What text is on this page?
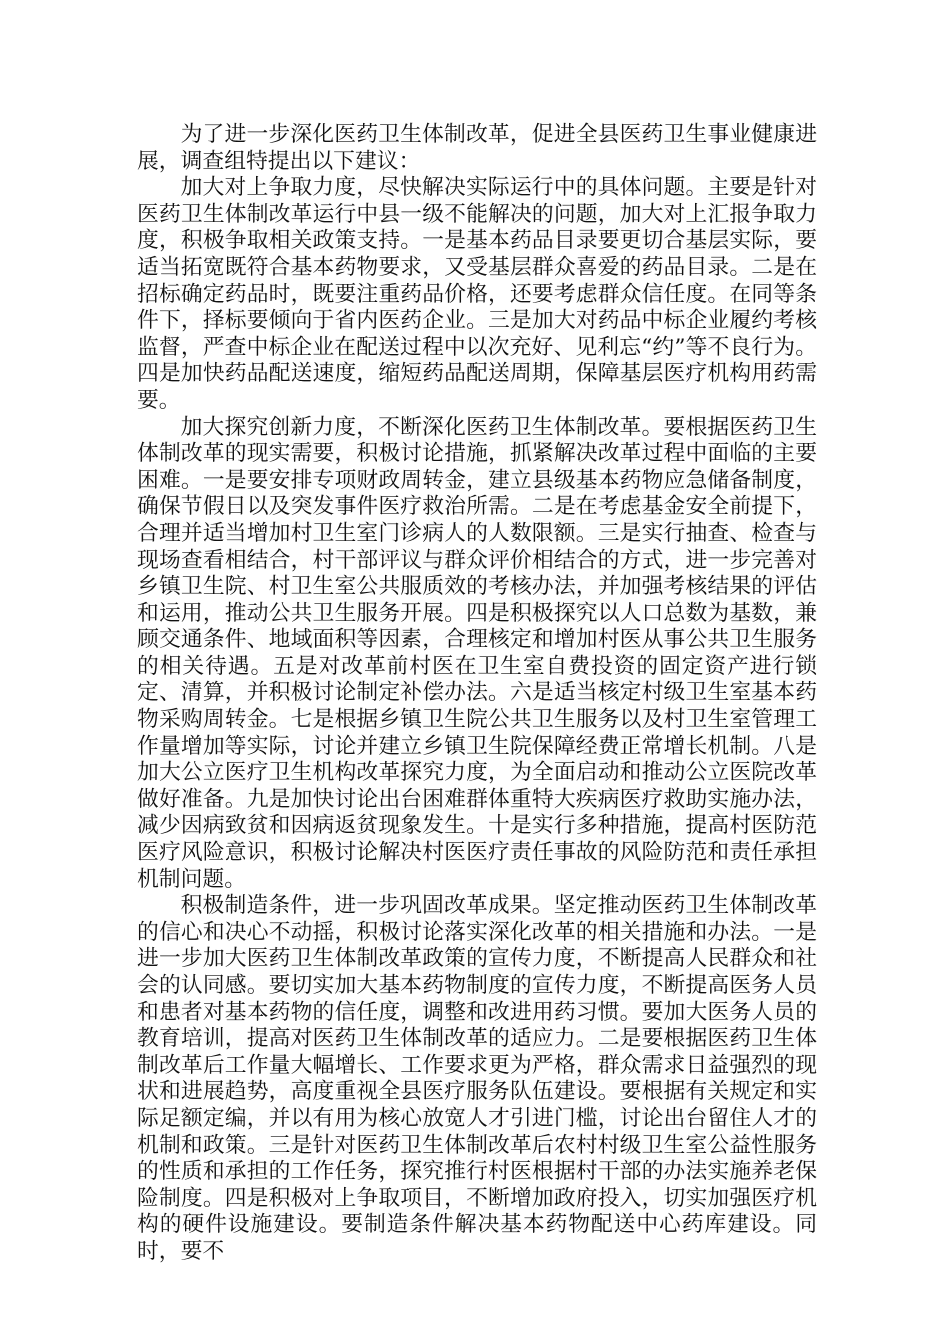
为了进一步深化医药卫生体制改革，促进全县医药卫生事业健康进展，调查组特提出以下建议：

加大对上争取力度，尽快解决实际运行中的具体问题。主要是针对医药卫生体制改革运行中县一级不能解决的问题，加大对上汇报争取力度，积极争取相关政策支持。一是基本药品目录要更切合基层实际，要适当拓宽既符合基本药物要求，又受基层群众喜爱的药品目录。二是在招标确定药品时，既要注重药品价格，还要考虑群众信任度。在同等条件下，择标要倾向于省内医药企业。三是加大对药品中标企业履约考核监督，严查中标企业在配送过程中以次充好、见利忘“约”等不良行为。四是加快药品配送速度，缩短药品配送周期，保障基层医疗机构用药需要。

加大探究创新力度，不断深化医药卫生体制改革。要根据医药卫生体制改革的现实需要，积极讨论措施，抓紧解决改革过程中面临的主要困难。一是要安排专项财政周转金，建立县级基本药物应急储备制度，确保节假日以及突发事件医疗救治所需。二是在考虑基金安全前提下，合理并适当增加村卫生室门诊病人的人数限额。三是实行抽查、检查与现场查看相结合，村干部评议与群众评价相结合的方式，进一步完善对乡镇卫生院、村卫生室公共服质效的考核办法，并加强考核结果的评估和运用，推动公共卫生服务开展。四是积极探究以人口总数为基数，兼顾交通条件、地域面积等因素，合理核定和增加村医从事公共卫生服务的相关待遇。五是对改革前村医在卫生室自费投资的固定资产进行锁定、清算，并积极讨论制定补偿办法。六是适当核定村级卫生室基本药物采购周转金。七是根据乡镇卫生院公共卫生服务以及村卫生室管理工作量增加等实际，讨论并建立乡镇卫生院保障经费正常增长机制。八是加大公立医疗卫生机构改革探究力度，为全面启动和推动公立医院改革做好准备。九是加快讨论出台困难群体重特大疾病医疗救助实施办法，减少因病致贫和因病返贫现象发生。十是实行多种措施，提高村医防范医疗风险意识，积极讨论解决村医医疗责任事故的风险防范和责任承担机制问题。

积极制造条件，进一步巩固改革成果。坚定推动医药卫生体制改革的信心和决心不动摇，积极讨论落实深化改革的相关措施和办法。一是进一步加大医药卫生体制改革政策的宣传力度，不断提高人民群众和社会的认同感。要切实加大基本药物制度的宣传力度，不断提高医务人员和患者对基本药物的信任度，调整和改进用药习惯。要加大医务人员的教育培训，提高对医药卫生体制改革的适应力。二是要根据医药卫生体制改革后工作量大幅增长、工作要求更为严格，群众需求日益强烈的现状和进展趋势，高度重视全县医疗服务队伍建设。要根据有关规定和实际足额定编，并以有用为核心放宽人才引进门槛，讨论出台留住人才的机制和政策。三是针对医药卫生体制改革后农村村级卫生室公益性服务的性质和承担的工作任务，探究推行村医根据村干部的办法实施养老保险制度。四是积极对上争取项目，不断增加政府投入，切实加强医疗机构的硬件设施建设。要制造条件解决基本药物配送中心药库建设。同时，要不
